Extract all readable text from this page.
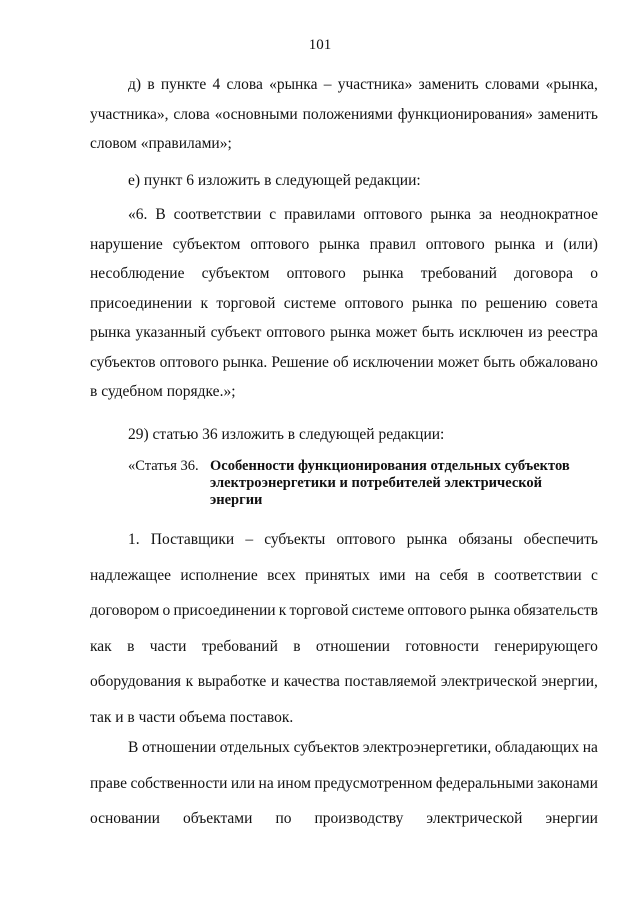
101
д) в пункте 4 слова «рынка – участника» заменить словами «рынка,
участника», слова «основными положениями функционирования» заменить
словом «правилами»;
е) пункт 6 изложить в следующей редакции:
«6. В соответствии с правилами оптового рынка за неоднократное
нарушение субъектом оптового рынка правил оптового рынка и (или)
несоблюдение субъектом оптового рынка требований договора о
присоединении к торговой системе оптового рынка по решению совета
рынка указанный субъект оптового рынка может быть исключен из реестра
субъектов оптового рынка. Решение об исключении может быть обжаловано
в судебном порядке.»;
29) статью 36 изложить в следующей редакции:
«Статья 36. Особенности функционирования отдельных субъектов
электроэнергетики и потребителей электрической
энергии
1. Поставщики – субъекты оптового рынка обязаны обеспечить
надлежащее исполнение всех принятых ими на себя в соответствии с
договором о присоединении к торговой системе оптового рынка обязательств
как в части требований в отношении готовности генерирующего
оборудования к выработке и качества поставляемой электрической энергии,
так и в части объема поставок.
В отношении отдельных субъектов электроэнергетики, обладающих на
праве собственности или на ином предусмотренном федеральными законами
основании объектами по производству электрической энергии
